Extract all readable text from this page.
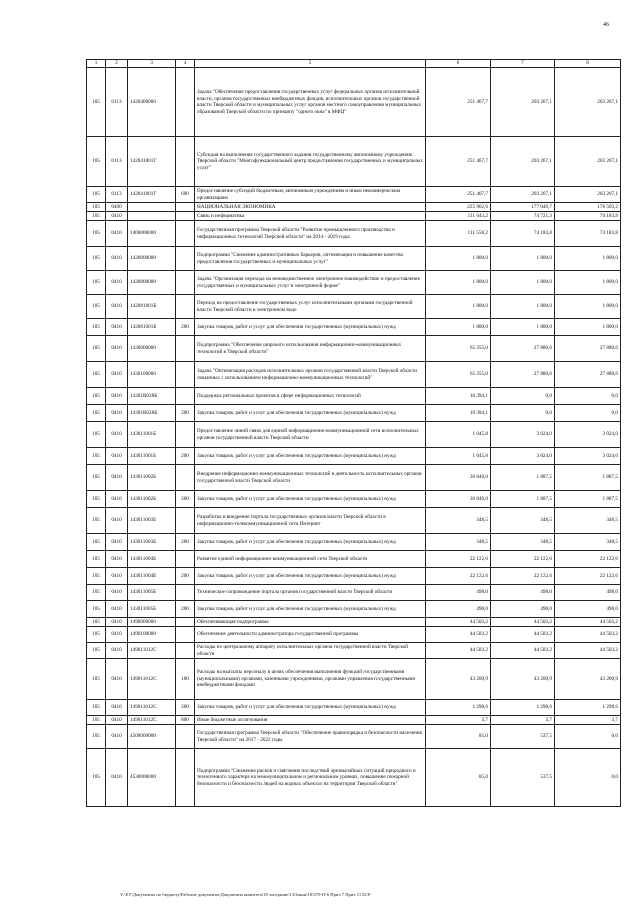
46
1	2	3	4	5	6	7	8
105	0113	1420400000		Задача "Обеспечение предоставления государственных услуг федеральных органов исполнительной власти, органов государственных внебюджетных фондов, исполнительных органов государственной власти Тверской области и муниципальных услуг органов местного самоуправления муниципальных образований Тверской области по принципу "одного окна" в МФЦ"	251 467,7	203 267,1	203 267,1
105	0113	142041001Г		Субсидия на выполнение государственного задания государственному автономному учреждению Тверской области "Многофункциональный центр предоставления государственных и муниципальных услуг"	251 467,7	203 267,1	203 267,1
105	0113	142041001Г	600	Предоставление субсидий бюджетным, автономным учреждениям и иным некоммерческим организациям	251 467,7	203 267,1	203 267,1
105	0400			НАЦИОНАЛЬНАЯ ЭКОНОМИКА	225 962,6	177 040,7	176 503,2
105	0410			Связь и информатика	111 643,2	74 721,3	74 183,8
105	0410	1400000000		Государственная программа Тверской области "Развитие промышленного производства и информационных технологий Тверской области" на 2014 - 2019 годы	111 558,2	74 183,8	74 183,8
105	0410	1420000000		Подпрограмма "Снижение административных барьеров, оптимизация и повышение качества предоставления государственных и муниципальных услуг"	1 800,0	1 800,0	1 800,0
105	0410	1420800000		Задача "Организация перехода на межведомственное электронное взаимодействие и предоставление государственных и муниципальных услуг в электронной форме"	1 800,0	1 800,0	1 800,0
105	0410	142081001Б		Переход на предоставление государственных услуг исполнительными органами государственной власти Тверской области в электронном виде	1 800,0	1 800,0	1 800,0
105	0410	142081001Б	200	Закупка товаров, работ и услуг для обеспечения государственных (муниципальных) нужд	1 800,0	1 800,0	1 800,0
105	0410	1430000000		Подпрограмма "Обеспечение широкого использования информационно-коммуникационных технологий в Тверской области"	65 255,0	27 880,6	27 880,6
105	0410	1430100000		Задача "Оптимизация расходов исполнительных органов государственной власти Тверской области связанных с использованием информационно-коммуникационных технологий"	65 255,0	27 880,6	27 880,6
105	0410	14301R028Б		Поддержка региональных проектов в сфере информационных технологий	10 394,1	0,0	0,0
105	0410	14301R028Б	200	Закупка товаров, работ и услуг для обеспечения государственных (муниципальных) нужд	10 394,1	0,0	0,0
105	0410	143011001Б		Предоставление линий связи для единой информационно-коммуникационной сети исполнительных органов государственной власти Тверской области	1 045,8	3 024,0	3 024,0
105	0410	143011001Б	200	Закупка товаров, работ и услуг для обеспечения государственных (муниципальных) нужд	1 045,8	3 024,0	3 024,0
105	0410	143011002Б		Внедрение информационно-коммуникационных технологий в деятельность исполнительных органов государственной власти Тверской области	30 846,0	1 887,5	1 887,5
105	0410	143011002Б	200	Закупка товаров, работ и услуг для обеспечения государственных (муниципальных) нужд	30 846,0	1 887,5	1 887,5
105	0410	143011003Б		Разработка и внедрение портала государственных органов власти Тверской области в информационно-телекоммуникационной сети Интернет	348,5	348,5	348,5
105	0410	143011003Б	200	Закупка товаров, работ и услуг для обеспечения государственных (муниципальных) нужд	348,5	348,5	348,5
105	0410	143011004Б		Развитие единой информационно-коммуникационной сети Тверской области	22 122,6	22 122,6	22 122,6
105	0410	143011004Б	200	Закупка товаров, работ и услуг для обеспечения государственных (муниципальных) нужд	22 122,6	22 122,6	22 122,6
105	0410	143011005Б		Техническое сопровождение портала органов государственной власти Тверской области	498,0	498,0	498,0
105	0410	143011005Б	200	Закупка товаров, работ и услуг для обеспечения государственных (муниципальных) нужд	498,0	498,0	498,0
105	0410	1490000000		Обеспечивающая подпрограмма	44 503,2	44 503,2	44 503,2
105	0410	1490100000		Обеспечение деятельности администратора государственной программы	44 503,2	44 503,2	44 503,2
105	0410	149011012С		Расходы по центральному аппарату исполнительных органов государственной власти Тверской области	44 503,2	44 503,2	44 503,2
105	0410	149011012С	100	Расходы на выплаты персоналу в целях обеспечения выполнения функций государственными (муниципальными) органами, казенными учреждениями, органами управления государственными внебюджетными фондами	43 200,9	43 200,9	43 200,9
105	0410	149011012С	200	Закупка товаров, работ и услуг для обеспечения государственных (муниципальных) нужд	1 298,6	1 298,6	1 298,6
105	0410	149011012С	800	Иные бюджетные ассигнования	3,7	3,7	3,7
105	0410	4500000000		Государственная программа Тверской области "Обеспечение правопорядка и безопасности населения Тверской области" на 2017 - 2022 годы	85,0	537,5	0,0
105	0410	4530000000		Подпрограмма "Снижение рисков и смягчение последствий чрезвычайных ситуаций природного и техногенного характера на межмуниципальном и региональном уровнях, повышение пожарной безопасности и безопасности людей на водных объектах на территории Тверской области"	85,0	537,5	0,0
V:\ЕУ\Документы по бюджету\Рабочие документы\Документы комитета\18 заседание\13\Закон\18\379-П-6 Прил 7 Прил 11 БСР
